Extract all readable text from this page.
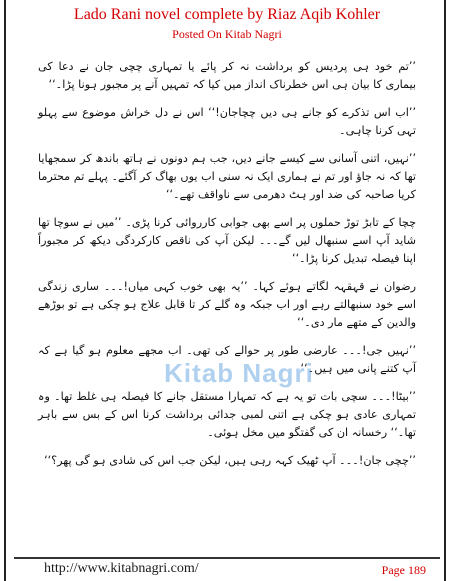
Lado Rani novel complete by Riaz Aqib Kohler
Posted On Kitab Nagri

’’تم خود ہی پردیس کو برداشت نہ کر پائے یا تمہاری چچی جان نے دعا کی بیماری کا بیان ہی اس خطرناک انداز میں کیا کہ تمہیں آنے پر مجبور ہونا پڑا۔‘‘

’’اب اس تذکرے کو جانے ہی دیں چچاجان!‘‘ اس نے دل خراش موضوع سے پہلو تہی کرنا چاہی۔

’’نہیں، اتنی آسانی سے کیسے جانے دیں، جب ہم دونوں نے ہاتھ باندھ کر سمجھایا تھا کہ نہ جاؤ اور تم نے ہماری ایک نہ سنی اب یوں بھاگ کر آگئے۔ پہلے تم محترما کریا صاحبہ کی ضد اور ہٹ دھرمی سے ناواقف تھے۔‘‘

چچا کے تابڑ توڑ حملوں پر اسے بھی جوابی کارروائی کرنا پڑی۔ ’’میں نے سوچا تھا شاید آپ اسے سنبھال لیں گے۔۔۔ لیکن آپ کی ناقص کارکردگی دیکھ کر مجبوراً اپنا فیصلہ تبدیل کرنا پڑا۔‘‘

رضوان نے قہقہہ لگاتے ہوئے کہا۔ ’’یہ بھی خوب کہی میاں!۔۔۔ ساری زندگی اسے خود سنبھالتے رہے اور اب جبکہ وہ گلے کر تا قابل علاج ہو چکی ہے تو بوڑھے والدین کے متھے مار دی۔‘‘

’’نہیں جی!۔۔۔ عارضی طور پر حوالے کی تھی۔ اب مجھے معلوم ہو گیا ہے کہ آپ کتنے پانی میں ہیں۔‘‘

’’بیٹا!۔۔۔ سچی بات تو یہ ہے کہ تمہارا مستقل جانے کا فیصلہ ہی غلط تھا۔ وہ تمہاری عادی ہو چکی ہے اتنی لمبی جدائی برداشت کرنا اس کے بس سے باہر تھا۔‘‘ رخسانہ ان کی گفتگو میں مخل ہوئی۔

’’چچی جان!۔۔۔ آپ ٹھیک کہہ رہی ہیں، لیکن جب اس کی شادی ہو گی پھر؟‘‘

Kitab Nagri
http://www.kitabnagri.com/	Page 189
